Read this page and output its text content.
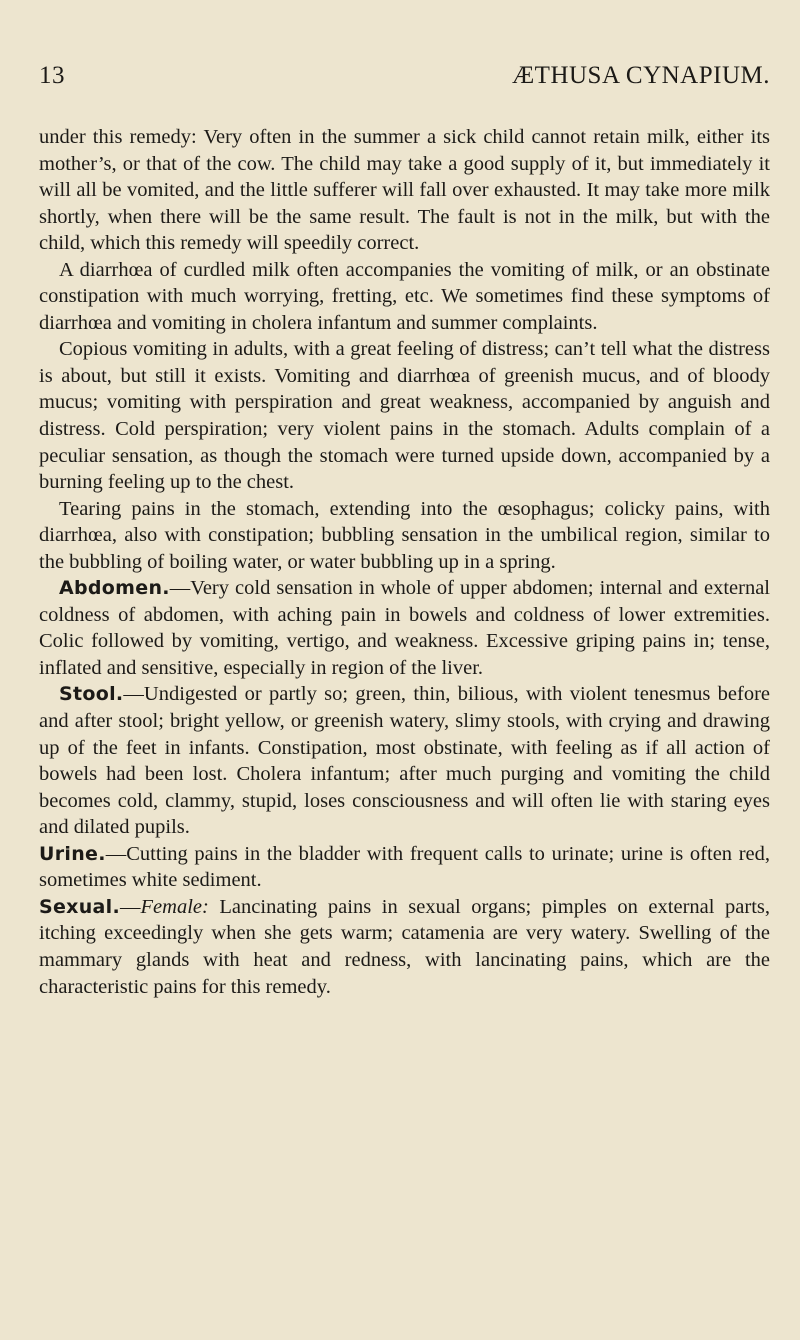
13	ÆTHUSA CYNAPIUM.

under this remedy: Very often in the summer a sick child cannot retain milk, either its mother’s, or that of the cow. The child may take a good supply of it, but immediately it will all be vomited, and the little sufferer will fall over exhausted. It may take more milk shortly, when there will be the same result. The fault is not in the milk, but with the child, which this remedy will speedily correct.

A diarrhœa of curdled milk often accompanies the vomiting of milk, or an obstinate constipation with much worrying, fretting, etc. We sometimes find these symptoms of diarrhœa and vomiting in cholera infantum and summer complaints.

Copious vomiting in adults, with a great feeling of distress; can’t tell what the distress is about, but still it exists. Vomiting and diarrhœa of greenish mucus, and of bloody mucus; vomiting with perspiration and great weakness, accompanied by anguish and distress. Cold perspiration; very violent pains in the stomach. Adults complain of a peculiar sensation, as though the stomach were turned upside down, accompanied by a burning feeling up to the chest.

Tearing pains in the stomach, extending into the œsophagus; colicky pains, with diarrhœa, also with constipation; bubbling sensation in the umbilical region, similar to the bubbling of boiling water, or water bubbling up in a spring.

Abdomen.—Very cold sensation in whole of upper abdomen; internal and external coldness of abdomen, with aching pain in bowels and coldness of lower extremities. Colic followed by vomiting, vertigo, and weakness. Excessive griping pains in; tense, inflated and sensitive, especially in region of the liver.

Stool.—Undigested or partly so; green, thin, bilious, with violent tenesmus before and after stool; bright yellow, or greenish watery, slimy stools, with crying and drawing up of the feet in infants. Constipation, most obstinate, with feeling as if all action of bowels had been lost. Cholera infantum; after much purging and vomiting the child becomes cold, clammy, stupid, loses consciousness and will often lie with staring eyes and dilated pupils.

Urine.—Cutting pains in the bladder with frequent calls to urinate; urine is often red, sometimes white sediment.

Sexual.—Female: Lancinating pains in sexual organs; pimples on external parts, itching exceedingly when she gets warm; catamenia are very watery. Swelling of the mammary glands with heat and redness, with lancinating pains, which are the characteristic pains for this remedy.
